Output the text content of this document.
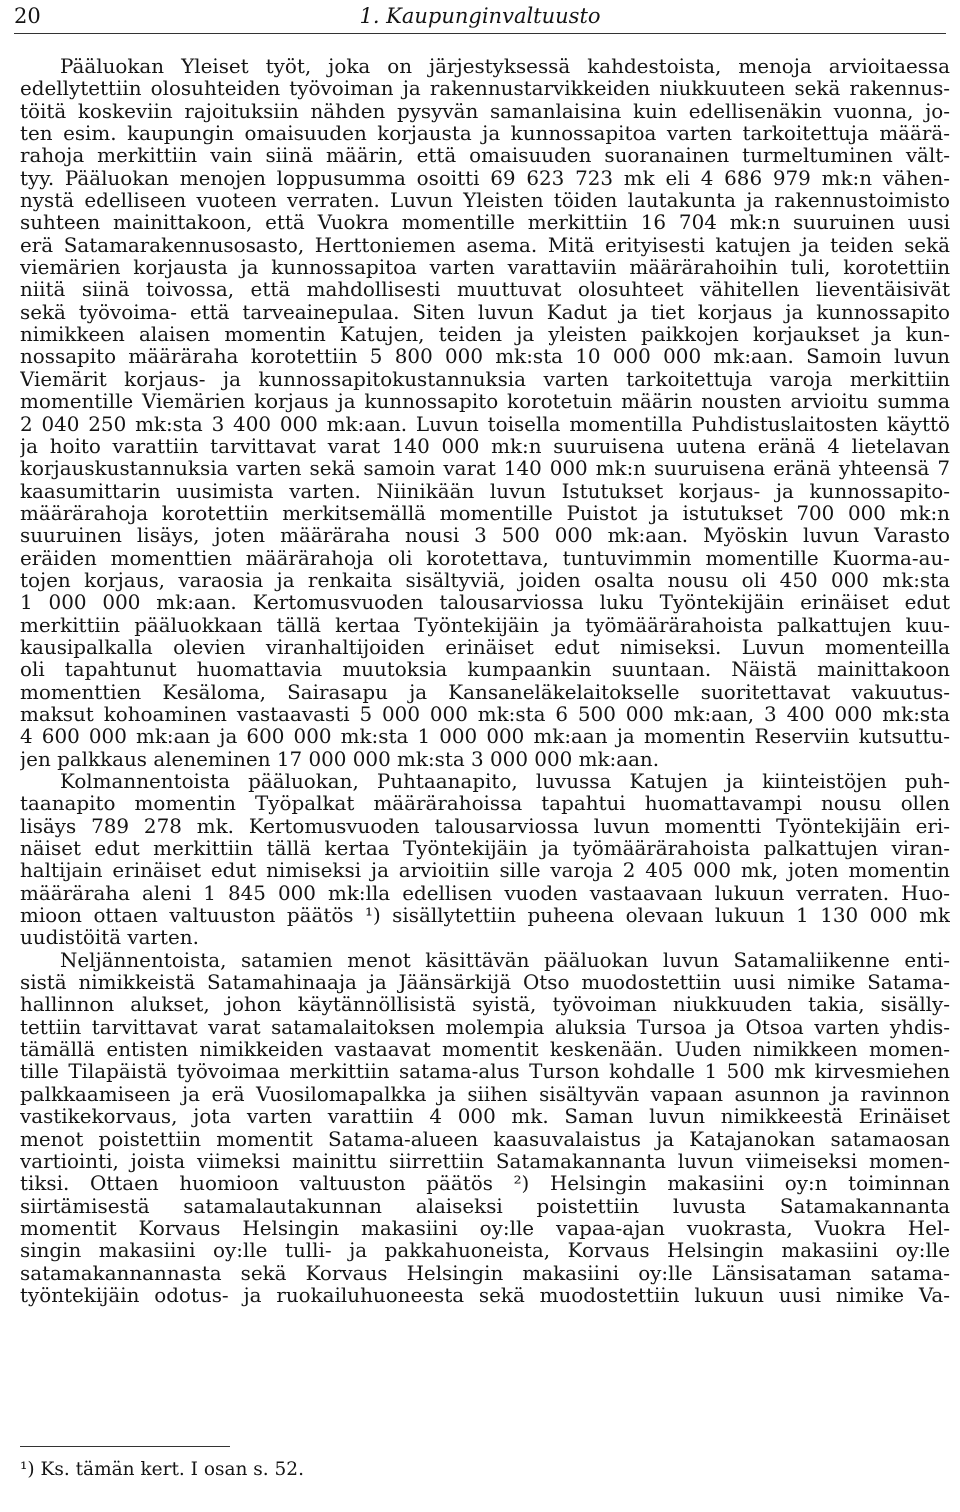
20	1. Kaupunginvaltuusto
Pääluokan Yleiset työt, joka on järjestyksessä kahdestoista, menoja arvioitaessa
edellytettiin olosuhteiden työvoiman ja rakennustarvikkeiden niukkuuteen sekä rakennus-
töitä koskeviin rajoituksiin nähden pysyvän samanlaisina kuin edellisenäkin vuonna, jo-
ten esim. kaupungin omaisuuden korjausta ja kunnossapitoa varten tarkoitettuja määrä-
rahoja merkittiin vain siinä määrin, että omaisuuden suoranainen turmeltuminen vält-
tyy. Pääluokan menojen loppusumma osoitti 69 623 723 mk eli 4 686 979 mk:n vähen-
nystä edelliseen vuoteen verraten. Luvun Yleisten töiden lautakunta ja rakennustoimisto
suhteen mainittakoon, että Vuokra momentille merkittiin 16 704 mk:n suuruinen uusi
erä Satamarakennusosasto, Herttoniemen asema. Mitä erityisesti katujen ja teiden sekä
viemärien korjausta ja kunnossapitoa varten varattaviin määrärahoihin tuli, korotettiin
niitä siinä toivossa, että mahdollisesti muuttuvat olosuhteet vähitellen lieventäisivät
sekä työvoima- että tarveainepulaa. Siten luvun Kadut ja tiet korjaus ja kunnossapito
nimikkeen alaisen momentin Katujen, teiden ja yleisten paikkojen korjaukset ja kun-
nossapito määräraha korotettiin 5 800 000 mk:sta 10 000 000 mk:aan. Samoin luvun
Viemärit korjaus- ja kunnossapitokustannuksia varten tarkoitettuja varoja merkittiin
momentille Viemärien korjaus ja kunnossapito korotetuin määrin nousten arvioitu summa
2 040 250 mk:sta 3 400 000 mk:aan. Luvun toisella momentilla Puhdistuslaitosten käyttö
ja hoito varattiin tarvittavat varat 140 000 mk:n suuruisena uutena eränä 4 lietelavan
korjauskustannuksia varten sekä samoin varat 140 000 mk:n suuruisena eränä yhteensä 7
kaasumittarin uusimista varten. Niinikään luvun Istutukset korjaus- ja kunnossapito-
määrärahoja korotettiin merkitsemällä momentille Puistot ja istutukset 700 000 mk:n
suuruinen lisäys, joten määräraha nousi 3 500 000 mk:aan. Myöskin luvun Varasto
eräiden momenttien määrärahoja oli korotettava, tuntuvimmin momentille Kuorma-au-
tojen korjaus, varaosia ja renkaita sisältyviä, joiden osalta nousu oli 450 000 mk:sta
1 000 000 mk:aan. Kertomusvuoden talousarviossa luku Työntekijäin erinäiset edut
merkittiin pääluokkaan tällä kertaa Työntekijäin ja työmäärärahoista palkattujen kuu-
kausipalkalla olevien viranhaltijoiden erinäiset edut nimiseksi. Luvun momenteilla
oli tapahtunut huomattavia muutoksia kumpaankin suuntaan. Näistä mainittakoon
momenttien Kesäloma, Sairasapu ja Kansaneläkelaitokselle suoritettavat vakuutus-
maksut kohoaminen vastaavasti 5 000 000 mk:sta 6 500 000 mk:aan, 3 400 000 mk:sta
4 600 000 mk:aan ja 600 000 mk:sta 1 000 000 mk:aan ja momentin Reserviin kutsuttu-
jen palkkaus aleneminen 17 000 000 mk:sta 3 000 000 mk:aan.
Kolmannentoista pääluokan, Puhtaanapito, luvussa Katujen ja kiinteistöjen puh-
taanapito momentin Työpalkat määrärahoissa tapahtui huomattavampi nousu ollen
lisäys 789 278 mk. Kertomusvuoden talousarviossa luvun momentti Työntekijäin eri-
näiset edut merkittiin tällä kertaa Työntekijäin ja työmäärärahoista palkattujen viran-
haltijain erinäiset edut nimiseksi ja arvioitiin sille varoja 2 405 000 mk, joten momentin
määräraha aleni 1 845 000 mk:lla edellisen vuoden vastaavaan lukuun verraten. Huo-
mioon ottaen valtuuston päätös ¹) sisällytettiin puheena olevaan lukuun 1 130 000 mk
uudistöitä varten.
Neljännentoista, satamien menot käsittävän pääluokan luvun Satamaliikenne enti-
sistä nimikkeistä Satamahinaaja ja Jäänsärkijä Otso muodostettiin uusi nimike Satama-
hallinnon alukset, johon käytännöllisistä syistä, työvoiman niukkuuden takia, sisälly-
tettiin tarvittavat varat satamalaitoksen molempia aluksia Tursoa ja Otsoa varten yhdis-
tämällä entisten nimikkeiden vastaavat momentit keskenään. Uuden nimikkeen momen-
tille Tilapäistä työvoimaa merkittiin satama-alus Turson kohdalle 1 500 mk kirvesmiehen
palkkaamiseen ja erä Vuosilomapalkka ja siihen sisältyvän vapaan asunnon ja ravinnon
vastikekorvaus, jota varten varattiin 4 000 mk. Saman luvun nimikkeestä Erinäiset
menot poistettiin momentit Satama-alueen kaasuvalaistus ja Katajanokan satamaosan
vartiointi, joista viimeksi mainittu siirrettiin Satamakannanta luvun viimeiseksi momen-
tiksi. Ottaen huomioon valtuuston päätös ²) Helsingin makasiini oy:n toiminnan
siirtämisestä satamalautakunnan alaiseksi poistettiin luvusta Satamakannanta
momentit Korvaus Helsingin makasiini oy:lle vapaa-ajan vuokrasta, Vuokra Hel-
singin makasiini oy:lle tulli- ja pakkahuoneista, Korvaus Helsingin makasiini oy:lle
satamakannannasta sekä Korvaus Helsingin makasiini oy:lle Länsisataman satama-
työntekijäin odotus- ja ruokailuhuoneesta sekä muodostettiin lukuun uusi nimike Va-
¹) Ks. tämän kert. I osan s. 52.
